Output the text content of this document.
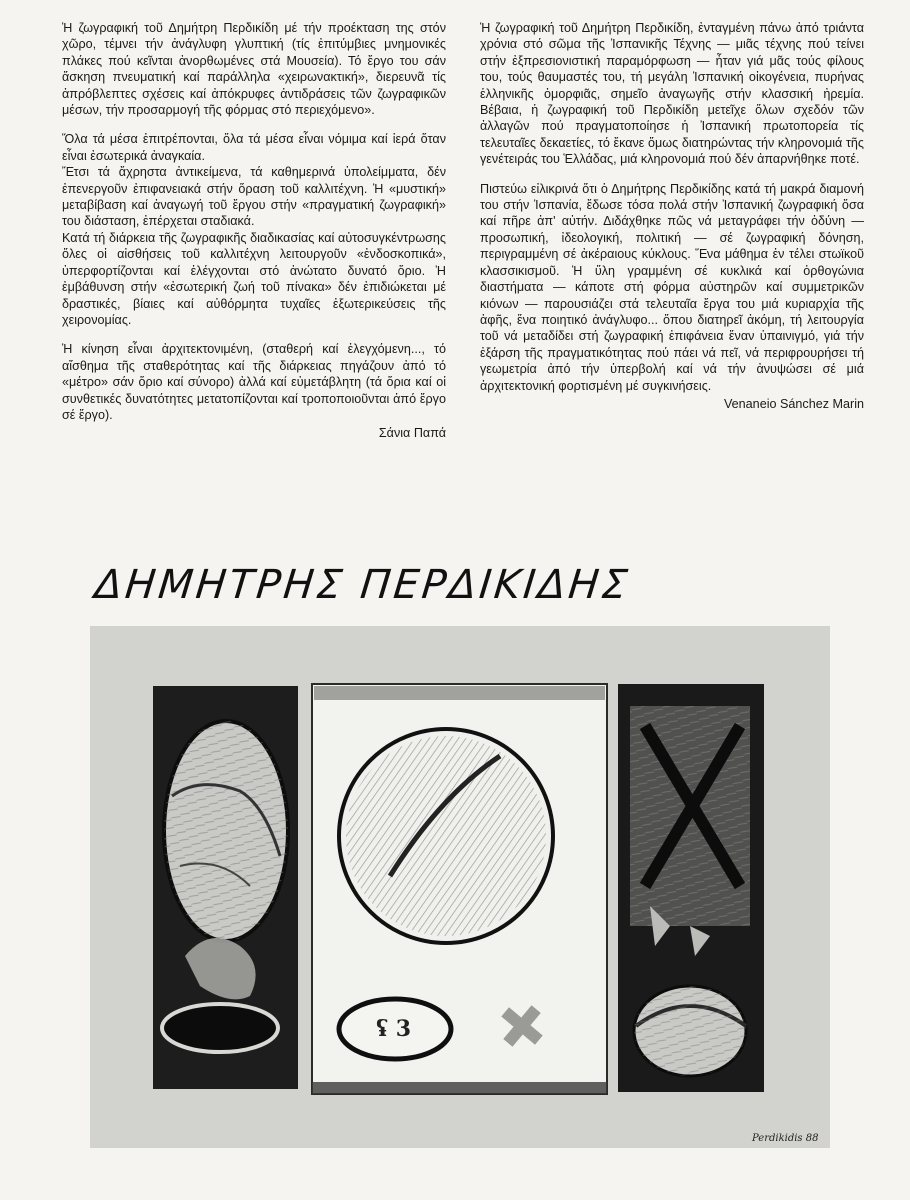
Ἡ ζωγραφική τοῦ Δημήτρη Περδικίδη μέ τήν προέκταση της στόν χῶρο, τέμνει τήν ἀνάγλυφη γλυπτική (τίς ἐπιτύμβιες μνημονικές πλάκες πού κεῖνται ἀνορθωμένες στά Μουσεία). Τό ἔργο του σάν ἄσκηση πνευματική καί παράλληλα «χειρωνακτική», διερευνᾶ τίς ἀπρόβλεπτες σχέσεις καί ἀπόκρυφες ἀντιδράσεις τῶν ζωγραφικῶν μέσων, τήν προσαρμογή τῆς φόρμας στό περιεχόμενο».

Ὅλα τά μέσα ἐπιτρέπονται, ὅλα τά μέσα εἶναι νόμιμα καί ἱερά ὅταν εἶναι ἐσωτερικά ἀναγκαία.

Ἔτσι τά ἄχρηστα ἀντικείμενα, τά καθημερινά ὑπολείμματα, δέν ἐπενεργοῦν ἐπιφανειακά στήν ὅραση τοῦ καλλιτέχνη. Ἡ «μυστική» μεταβίβαση καί ἀναγωγή τοῦ ἔργου στήν «πραγματική ζωγραφική» του διάσταση, ἐπέρχεται σταδιακά.

Κατά τή διάρκεια τῆς ζωγραφικῆς διαδικασίας καί αὐτοσυγκέντρωσης ὅλες οἱ αἰσθήσεις τοῦ καλλιτέχνη λειτουργοῦν «ἐνδοσκοπικά», ὑπερφορτίζονται καί ἐλέγχονται στό ἀνώτατο δυνατό ὅριο. Ἡ ἐμβάθυνση στήν «ἐσωτερική ζωή τοῦ πίνακα» δέν ἐπιδιώκεται μέ δραστικές, βίαιες καί αὐθόρμητα τυχαῖες ἐξωτερικεύσεις τῆς χειρονομίας.

Ἡ κίνηση εἶναι ἀρχιτεκτονιμένη, (σταθερή καί ἐλεγχόμενη..., τό αἴσθημα τῆς σταθερότητας καί τῆς διάρκειας πηγάζουν ἀπό τό «μέτρο» σάν ὅριο καί σύνορο) ἀλλά καί εὐμετάβλητη (τά ὅρια καί οἱ συνθετικές δυνατότητες μετατοπίζονται καί τροποποιοῦνται ἀπό ἔργο σέ ἔργο).

Σάνια Παπά

Ἡ ζωγραφική τοῦ Δημήτρη Περδικίδη, ἐνταγμένη πάνω ἀπό τριάντα χρόνια στό σῶμα τῆς Ἰσπανικῆς Τέχνης — μιᾶς τέχνης πού τείνει στήν ἐξπρεσιονιστική παραμόρφωση — ἦταν γιά μᾶς τούς φίλους του, τούς θαυμαστές του, τή μεγάλη Ἰσπανική οἰκογένεια, πυρήνας ἑλληνικῆς ὀμορφιᾶς, σημεῖο ἀναγωγῆς στήν κλασσική ἠρεμία. Βέβαια, ἡ ζωγραφική τοῦ Περδικίδη μετεῖχε ὅλων σχεδόν τῶν ἀλλαγῶν πού πραγματοποίησε ἡ Ἰσπανική πρωτοπορεία τίς τελευταῖες δεκαετίες, τό ἔκανε ὅμως διατηρώντας τήν κληρονομιά τῆς γενέτειράς του Ἑλλάδας, μιά κληρονομιά πού δέν ἀπαρνήθηκε ποτέ.

Πιστεύω εἰλικρινά ὅτι ὁ Δημήτρης Περδικίδης κατά τή μακρά διαμονή του στήν Ἰσπανία, ἔδωσε τόσα πολά στήν Ἰσπανική ζωγραφική ὅσα καί πῆρε ἀπ' αὐτήν. Διδάχθηκε πῶς νά μεταγράφει τήν ὀδύνη — προσωπική, ἰδεολογική, πολιτική — σέ ζωγραφική δόνηση, περιγραμμένη σέ ἀκέραιους κύκλους. Ἕνα μάθημα ἐν τέλει στωϊκοῦ κλασσικισμοῦ. Ἡ ὕλη γραμμένη σέ κυκλικά καί ὀρθογώνια διαστήματα — κάποτε στή φόρμα αὐστηρῶν καί συμμετρικῶν κιόνων — παρουσιάζει στά τελευταῖα ἔργα του μιά κυριαρχία τῆς ἁφῆς, ἕνα ποιητικό ἀνάγλυφο... ὅπου διατηρεῖ ἀκόμη, τή λειτουργία τοῦ νά μεταδίδει στή ζωγραφική ἐπιφάνεια ἕναν ὑπαινιγμό, γιά τήν ἐξάρση τῆς πραγματικότητας πού πάει νά πεῖ, νά περιφρουρήσει τή γεωμετρία ἀπό τήν ὑπερβολή καί νά τήν ἀνυψώσει σέ μιά ἀρχιτεκτονική φορτισμένη μέ συγκινήσεις.

Venaneio Sánchez Marin
ΔΗΜΗΤΡΗΣ ΠΕΡΔΙΚΙΔΗΣ
ʢ 3
Perdikidis 88
